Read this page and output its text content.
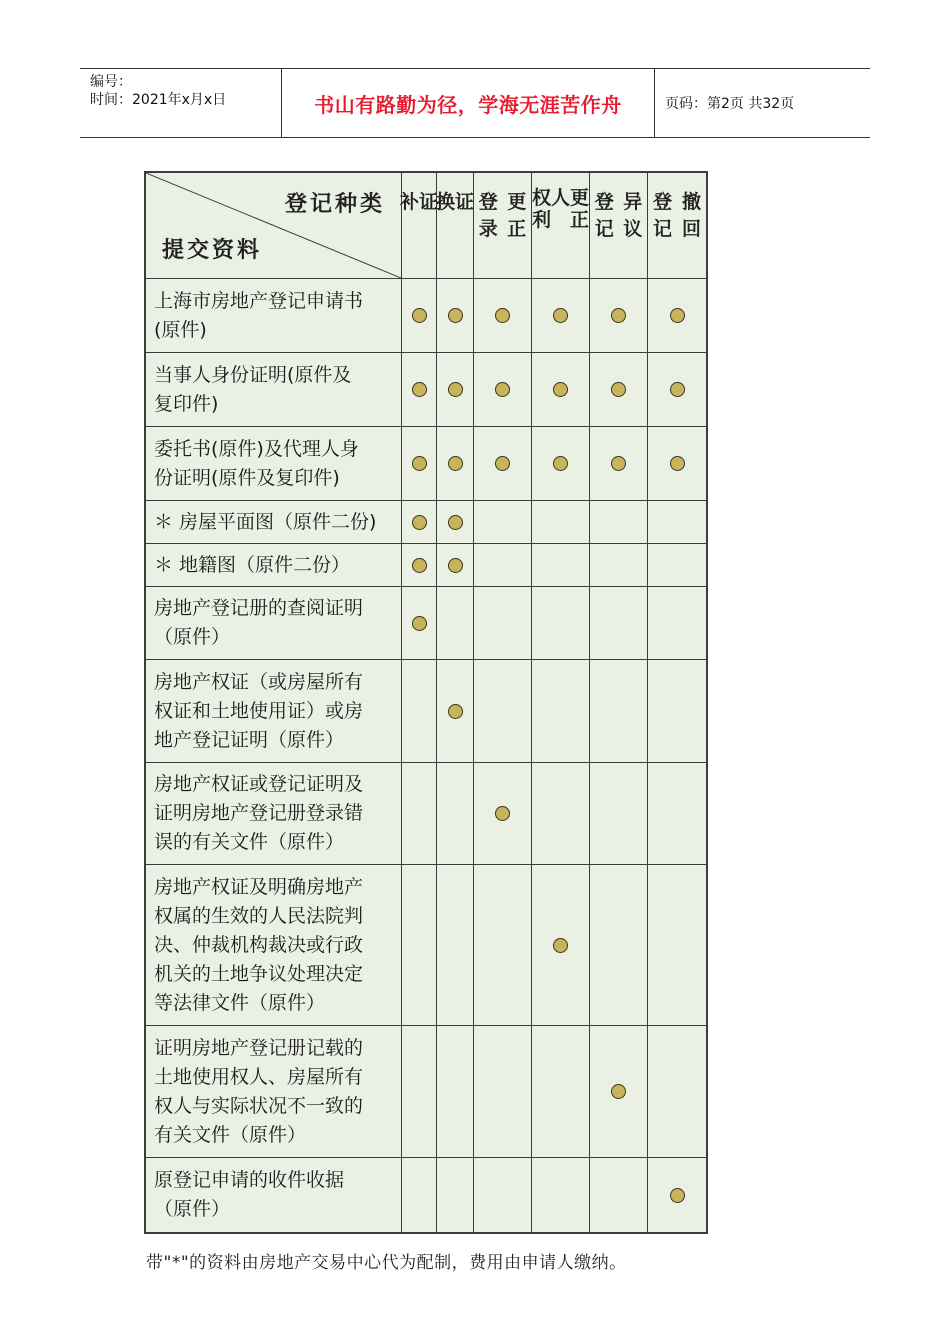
编号：
时间：2021年x月x日	书山有路勤为径，学海无涯苦作舟	页码：第2页 共32页
登记种类
提交资料
补 证
换 证 登 录
更 正
权 利
人 更 正
登 记
异 议
登 记
撤 回
上海市房地产登记申请书
(原件)
当事人身份证明(原件及
复印件)
委托书(原件)及代理人身
份证明(原件及复印件)
＊ 房屋平面图（原件二份)
＊ 地籍图（原件二份）
房地产登记册的查阅证明
（原件）
房地产权证（或房屋所有
权证和土地使用证）或房
地产登记证明（原件）
房地产权证或登记证明及
证明房地产登记册登录错
误的有关文件（原件）
房地产权证及明确房地产
权属的生效的人民法院判
决、仲裁机构裁决或行政
机关的土地争议处理决定
等法律文件（原件）
证明房地产登记册记载的
土地使用权人、房屋所有
权人与实际状况不一致的
有关文件（原件）
原登记申请的收件收据
（原件）
带"*"的资料由房地产交易中心代为配制，费用由申请人缴纳。
